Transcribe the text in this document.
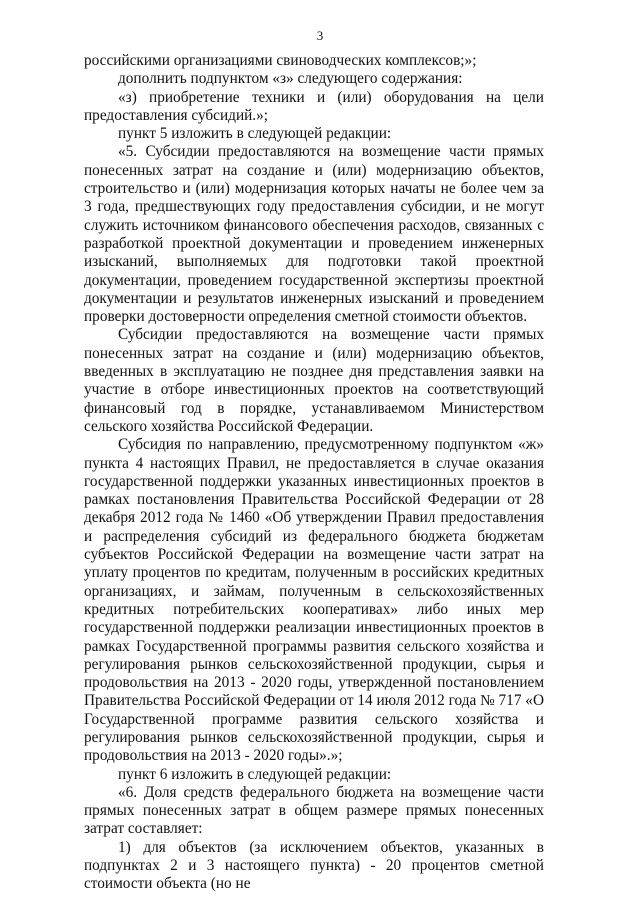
3

российскими организациями свиноводческих комплексов;»;

дополнить подпунктом «з» следующего содержания:

«з) приобретение техники и (или) оборудования на цели предоставления субсидий.»;

пункт 5 изложить в следующей редакции:

«5. Субсидии предоставляются на возмещение части прямых понесенных затрат на создание и (или) модернизацию объектов, строительство и (или) модернизация которых начаты не более чем за 3 года, предшествующих году предоставления субсидии, и не могут служить источником финансового обеспечения расходов, связанных с разработкой проектной документации и проведением инженерных изысканий, выполняемых для подготовки такой проектной документации, проведением государственной экспертизы проектной документации и результатов инженерных изысканий и проведением проверки достоверности определения сметной стоимости объектов.

Субсидии предоставляются на возмещение части прямых понесенных затрат на создание и (или) модернизацию объектов, введенных в эксплуатацию не позднее дня представления заявки на участие в отборе инвестиционных проектов на соответствующий финансовый год в порядке, устанавливаемом Министерством сельского хозяйства Российской Федерации.

Субсидия по направлению, предусмотренному подпунктом «ж» пункта 4 настоящих Правил, не предоставляется в случае оказания государственной поддержки указанных инвестиционных проектов в рамках постановления Правительства Российской Федерации от 28 декабря 2012 года № 1460 «Об утверждении Правил предоставления и распределения субсидий из федерального бюджета бюджетам субъектов Российской Федерации на возмещение части затрат на уплату процентов по кредитам, полученным в российских кредитных организациях, и займам, полученным в сельскохозяйственных кредитных потребительских кооперативах» либо иных мер государственной поддержки реализации инвестиционных проектов в рамках Государственной программы развития сельского хозяйства и регулирования рынков сельскохозяйственной продукции, сырья и продовольствия на 2013 - 2020 годы, утвержденной постановлением Правительства Российской Федерации от 14 июля 2012 года № 717 «О Государственной программе развития сельского хозяйства и регулирования рынков сельскохозяйственной продукции, сырья и продовольствия на 2013 - 2020 годы».»;

пункт 6 изложить в следующей редакции:

«6. Доля средств федерального бюджета на возмещение части прямых понесенных затрат в общем размере прямых понесенных затрат составляет:

1) для объектов (за исключением объектов, указанных в подпунктах 2 и 3 настоящего пункта) - 20 процентов сметной стоимости объекта (но не
